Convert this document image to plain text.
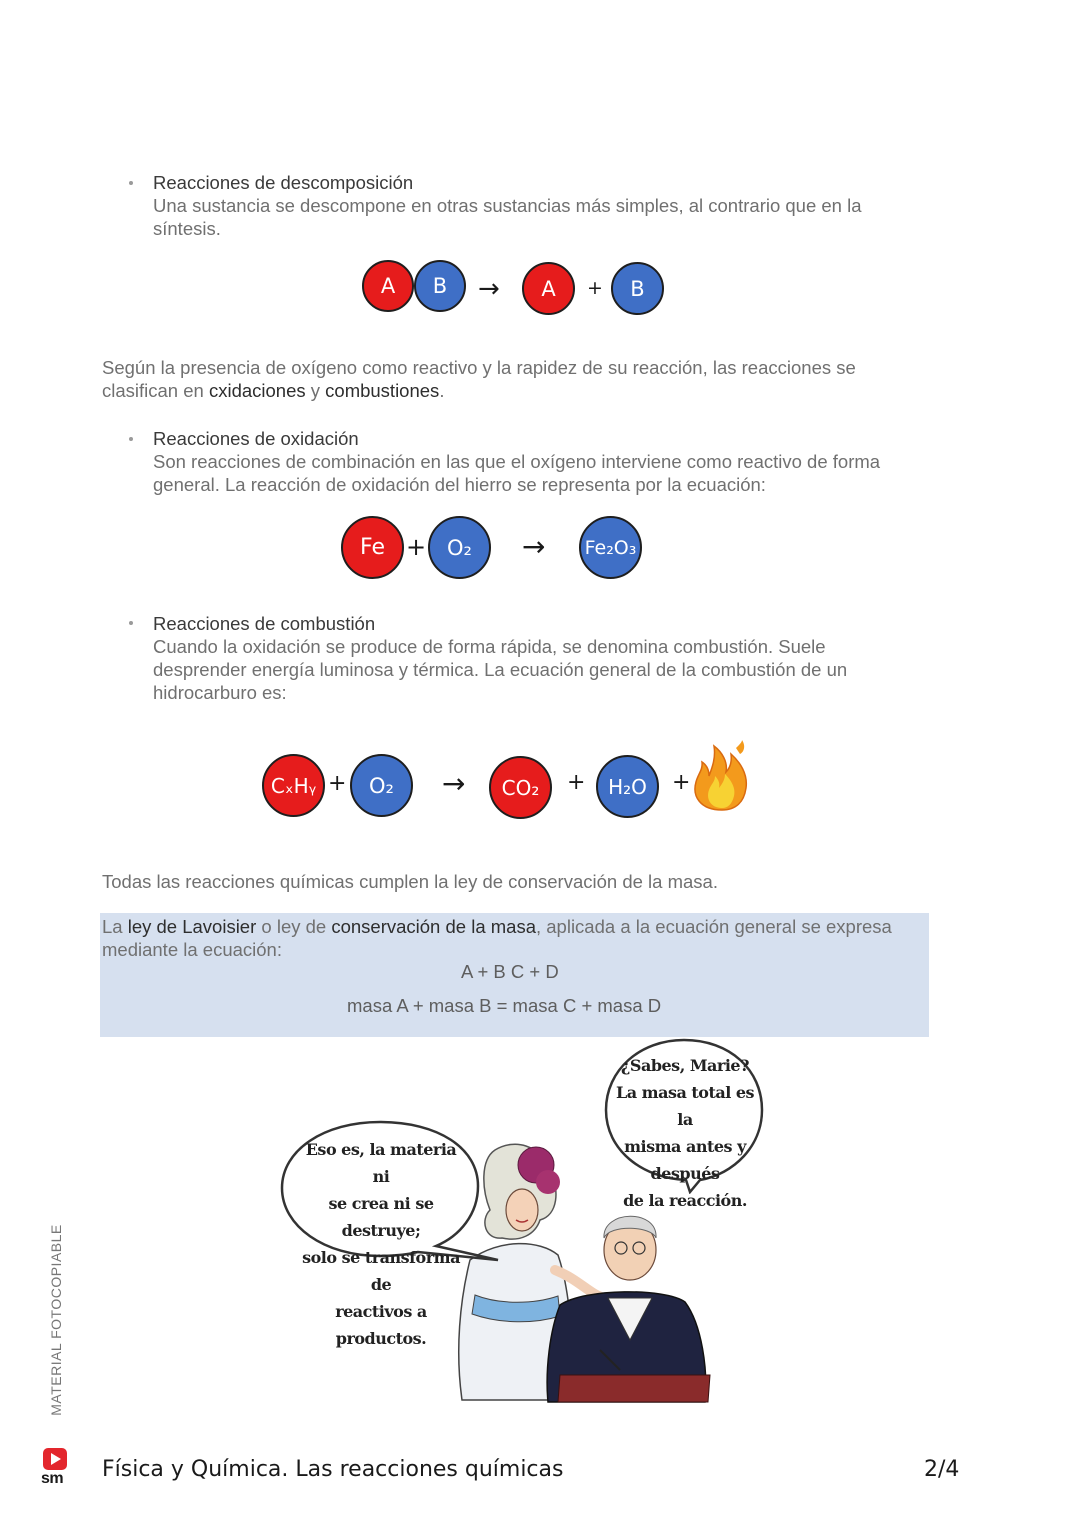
Reacciones de descomposición
Una sustancia se descompone en otras sustancias más simples, al contrario que en la
síntesis.
A	B	→	A	+	B
Según la presencia de oxígeno como reactivo y la rapidez de su reacción, las reacciones se
clasifican en cxidaciones y combustiones.
Reacciones de oxidación
Son reacciones de combinación en las que el oxígeno interviene como reactivo de forma
general. La reacción de oxidación del hierro se representa por la ecuación:
Fe + O₂	→ Fe₂O₃
Reacciones de combustión
Cuando la oxidación se produce de forma rápida, se denomina combustión. Suele
desprender energía luminosa y térmica. La ecuación general de la combustión de un
hidrocarburo es:
CₓHᵧ +	O₂	→	CO₂	+	H₂O	+
Todas las reacciones químicas cumplen la ley de conservación de la masa.
La ley de Lavoisier o ley de conservación de la masa, aplicada a la ecuación general se expresa
mediante la ecuación:
A + B C + D
masa A + masa B = masa C + masa D
Eso es, la materia ni
se crea ni se destruye;
solo se transforma de
reactivos a productos.
¿Sabes, Marie?
La masa total es la
misma antes y después
de la reacción.
MATERIAL FOTOCOPIABLE
sm Física y Química. Las reacciones químicas	2/4
